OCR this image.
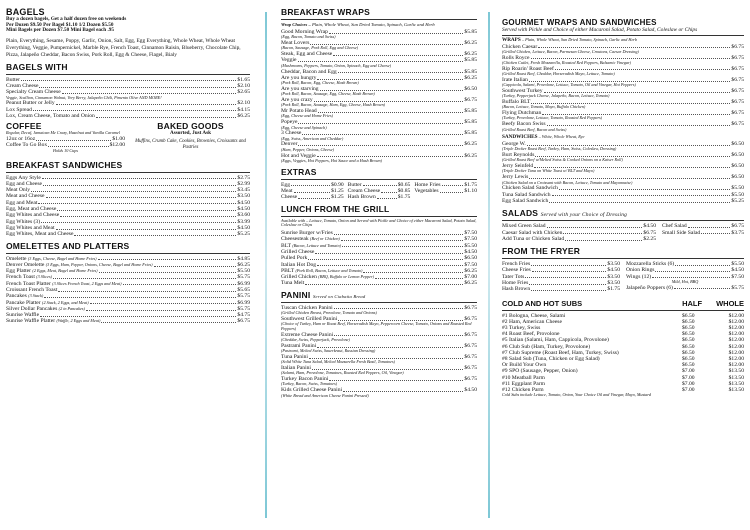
BAGELS
Buy a dozen bagels, Get a half dozen free on weekends
Per Dozen $9.50 Per Bagel $1.10 1/2 Dozen $5.50
Mini Bagels per Dozen $7.50 Mini Bagel each .95
Plain, Everything, Sesame, Poppy, Garlic, Onion, Salt, Egg, Egg Everything, Whole Wheat, Whole Wheat Everything, Veggie, Pumpernickel, Marble Rye, French Toast, Cinnamon Raisin, Blueberry, Chocolate Chip, Pizza, Jalapeño Cheddar, Bacon Swiss, Pork Roll, Egg & Cheese, Flagel, Bialy
BAGELS WITH
Butter	$1.65
Cream Cheese	$2.10
Specialty Cream Cheese	$2.65
Veggie, Scallion, Cinnamon Walnut, Very Berry, Jalapeño Chili, Pimento Olive AND MORE!
Peanut Butter or Jelly	$2.10
Lox Spread	$4.15
Lox, Cream Cheese, Tomato and Onion	$6.25
COFFEE
Regular, Decaf, Jamaican Me Crazy, Hazelnut and Vanilla Caramel
12oz or 16oz	$1.00
Coffee To Go Box	$12.00
Holds 10 Cups
BAKED GOODS
Assorted, Just Ask
Muffins, Crumb Cake, Cookies, Brownies, Croissants and Pastries
BREAKFAST SANDWICHES
Eggs Any Style	$2.75
Egg and Cheese	$2.99
Meat Only	$3.45
Meat and Cheese	$3.50
Egg and Meat	$4.50
Egg, Meat and Cheese	$4.50
Egg Whites and Cheese	$3.60
Egg Whites (3)	$3.99
Egg Whites and Meat	$4.50
Egg Whites, Meat and Cheese	$5.25
OMELETTES AND PLATTERS
Omelette (3 Eggs, Cheese, Bagel and Home Fries)	$4.85
Denver Omelette (3 Eggs, Ham, Pepper, Onions, Cheese, Bagel and Home Fries)	$6.25
Egg Platter (2 Eggs, Meat, Bagel and Home Fries)	$5.50
French Toast (3 Slices)	$5.75
French Toast Platter (3 Slices French Toast, 2 Eggs and Meat)	$6.99
Croissant French Toast	$5.65
Pancakes (3 Stack)	$5.75
Pancake Platter (2 Stack, 2 Eggs, and Meat)	$6.99
Silver Dollar Pancakes (2 in Pancakes)	$5.75
Sunrise Waffle	$4.75
Sunrise Waffle Platter (Waffle, 2 Eggs and Meat)	$6.75
BREAKFAST WRAPS
Wrap Choices – Plain, Whole Wheat, Sun Dried Tomato, Spinach, Garlic and Herb
Good Morning Wrap	$5.85
(Egg, Bacon, Tomato and Swiss)
Meat Lovers	$6.25
(Bacon, Sausage, Pork Roll, Egg and Cheese)
Steak, Egg and Cheese	$6.25
Veggie	$5.85
(Mushrooms, Peppers, Tomato, Onion, Spinach, Egg and Cheese)
Cheddar, Bacon and Egg	$5.85
Are you hungry	$6.25
(Pork Roll, Bacon, Egg, Cheese, Hash Brown)
Are you starving	$6.50
(Pork Roll, Bacon, Sausage, Egg, Cheese, Hash Brown)
Are you crazy	$6.75
(Pork Roll, Bacon, Sausage, Ham, Egg, Cheese, Hash Brown)
Mr Potato Head	$5.85
(Egg, Cheese and Home Fries)
Popeye	$5.85
(Egg, Cheese and Spinach)
3 Cheese	$5.85
(Egg, Swiss, American and Cheddar)
Denver	$6.25
(Ham, Pepper, Onions, Cheese)
Hot and Veggie	$6.25
(Eggs, Veggies, Hot Peppers, Hot Sauce and a Hash Brown)
EXTRAS
Egg	$0.90 Butter	$0.65 Home Fries	$1.75
Meat	$1.25 Cream Cheese	$0.85 Vegetables	$1.10
Cheese	$1.25 Hash Brown	$1.75
LUNCH FROM THE GRILL
Available with – Lettuce, Tomato, Onion and Served with Pickle and Choice of either Macaroni Salad, Potato Salad, Coleslaw or Chips
Sunrise Burger w/Fries	$7.50
Cheesesteak (Beef or Chicken)	$7.50
BLT (Bacon, Lettuce and Tomato)	$5.50
Grilled Cheese	$4.50
Pulled Pork	$6.50
Italian Hot Dog	$7.50
PBLT (Pork Roll, Bacon, Lettuce and Tomato)	$6.25
Grilled Chicken (BBQ, Buffalo or Lemon Pepper)	$7.00
Tuna Melt	$6.25
PANINI Served on Ciabatta Bread
Tuscan Chicken Panini	$6.75
(Grilled Chicken Breast, Provolone, Tomato and Onions)
Southwest Grilled Panini	$6.75
(Choice of Turkey, Ham or Roast Beef, Horseradish Mayo, Peppercorn Cheese, Tomato, Onions and Roasted Red Peppers)
Extreme Cheese Panini	$6.75
(Cheddar, Swiss, Pepperjack, Provolone)
Pastrami Panini	$6.75
(Pastrami, Melted Swiss, Sauerkraut, Russian Dressing)
Tuna Panini	$6.75
(Solid White Tuna Salad, Melted Mozzarella Fresh Basil, Tomatoes)
Italian Panini	$6.75
(Salami, Ham, Provolone, Tomatoes, Roasted Red Peppers, Oil, Vinegar)
Turkey Bacon Panini	$6.75
(Turkey, Bacon, Swiss, Tomatoes)
Kids Grilled Cheese Panini	$4.50
(White Bread and American Cheese Panini Pressed)
GOURMET WRAPS AND SANDWICHES
Served with Pickle and Choice of either Macaroni Salad, Potato Salad, Coleslaw or Chips
WRAPS – Plain, Whole Wheat, Sun Dried Tomato, Spinach, Garlic and Herb
Chicken Caesar	$6.75
(Grilled Chicken, Lettuce, Bacon, Parmesan Cheese, Croutons, Caesar Dressing)
Rolls Royce	$6.75
(Chicken Cutlet, Fresh Mozzarella, Roasted Red Peppers, Balsamic Vinegar)
Rip Roarin' Roast Beef	$6.75
(Grilled Roast Beef, Cheddar, Horseradish Mayo, Lettuce, Tomato)
Irate Italian	$6.75
(Cappicola, Salami, Provolone, Lettuce, Tomato, Oil and Vinegar, Hot Peppers)
Southwest Turkey	$6.75
(Turkey, Pepperjack Cheese, Jalapeño, Bacon, Lettuce, Tomato)
Buffalo BLT	$6.75
(Bacon, Lettuce, Tomato, Mayo, Buffalo Chicken)
Flying Dutchman	$6.75
(Turkey, Provolone, Lettuce, Tomato, Roasted Red Peppers)
Beefy Bacon Swiss	$6.75
(Grilled Roast Beef, Bacon and Swiss)
SANDWICHES – White, Whole Wheat, Rye
George W.	$6.50
(Triple Decker Roast Beef, Turkey, Ham, Swiss, Coleslaw, Dressing)
Burt Reynolds	$6.50
(Grilled Roast Beef w/Melted Swiss & Cooked Onions on a Kaiser Roll)
Jerry Seinfeld	$6.50
(Triple Decker Tuna on White Toast w/ BLT and Mayo)
Jerry Lewis	$6.50
(Chicken Salad on a Croissant with Bacon, Lettuce, Tomato and Mayonnaise)
Chicken Salad Sandwich	$5.50
Tuna Salad Sandwich	$5.50
Egg Salad Sandwich	$5.25
SALADS Served with your Choice of Dressing
Mixed Green Salad	$4.50
Caesar Salad with Chicken	$6.75
Add Tuna or Chicken Salad	$2.25
Chef Salad	$6.75
Small Side Salad	$3.75
FROM THE FRYER
French Fries	$3.50
Cheese Fries	$4.50
Tater Tots	$3.50
Home Fries	$3.50
Hash Brown	$1.75
Mozzarella Sticks (6)	$5.50
Onion Rings	$4.50
Wings (12)	$7.50
Mild, Hot, BBQ
Jalapeño Poppers (6)	$5.75
COLD AND HOT SUBS	HALF WHOLE
#1 Bologna, Cheese, Salami	$6.50	$12.00
#2 Ham, American Cheese	$6.50	$12.00
#3 Turkey, Swiss	$6.50	$12.00
#4 Roast Beef, Provolone	$6.50	$12.00
#5 Italian (Salami, Ham, Cappicola, Provolone)	$6.50	$12.00
#6 Club Sub (Ham, Turkey, Provolone)	$6.50	$12.00
#7 Club Supreme (Roast Beef, Ham, Turkey, Swiss)	$6.50	$12.00
#8 Salad Sub (Tuna, Chicken or Egg Salad)	$6.50	$12.00
Or Build Your Own	$6.50	$12.00
#9 SPO (Sausage, Pepper, Onion)	$7.00	$13.50
#10 Meatball Parm	$7.00	$13.50
#11 Eggplant Parm	$7.00	$13.50
#12 Chicken Parm	$7.00	$13.50
Cold Subs include Lettuce, Tomato, Onion, Your Choice Oil and Vinegar, Mayo, Mustard
